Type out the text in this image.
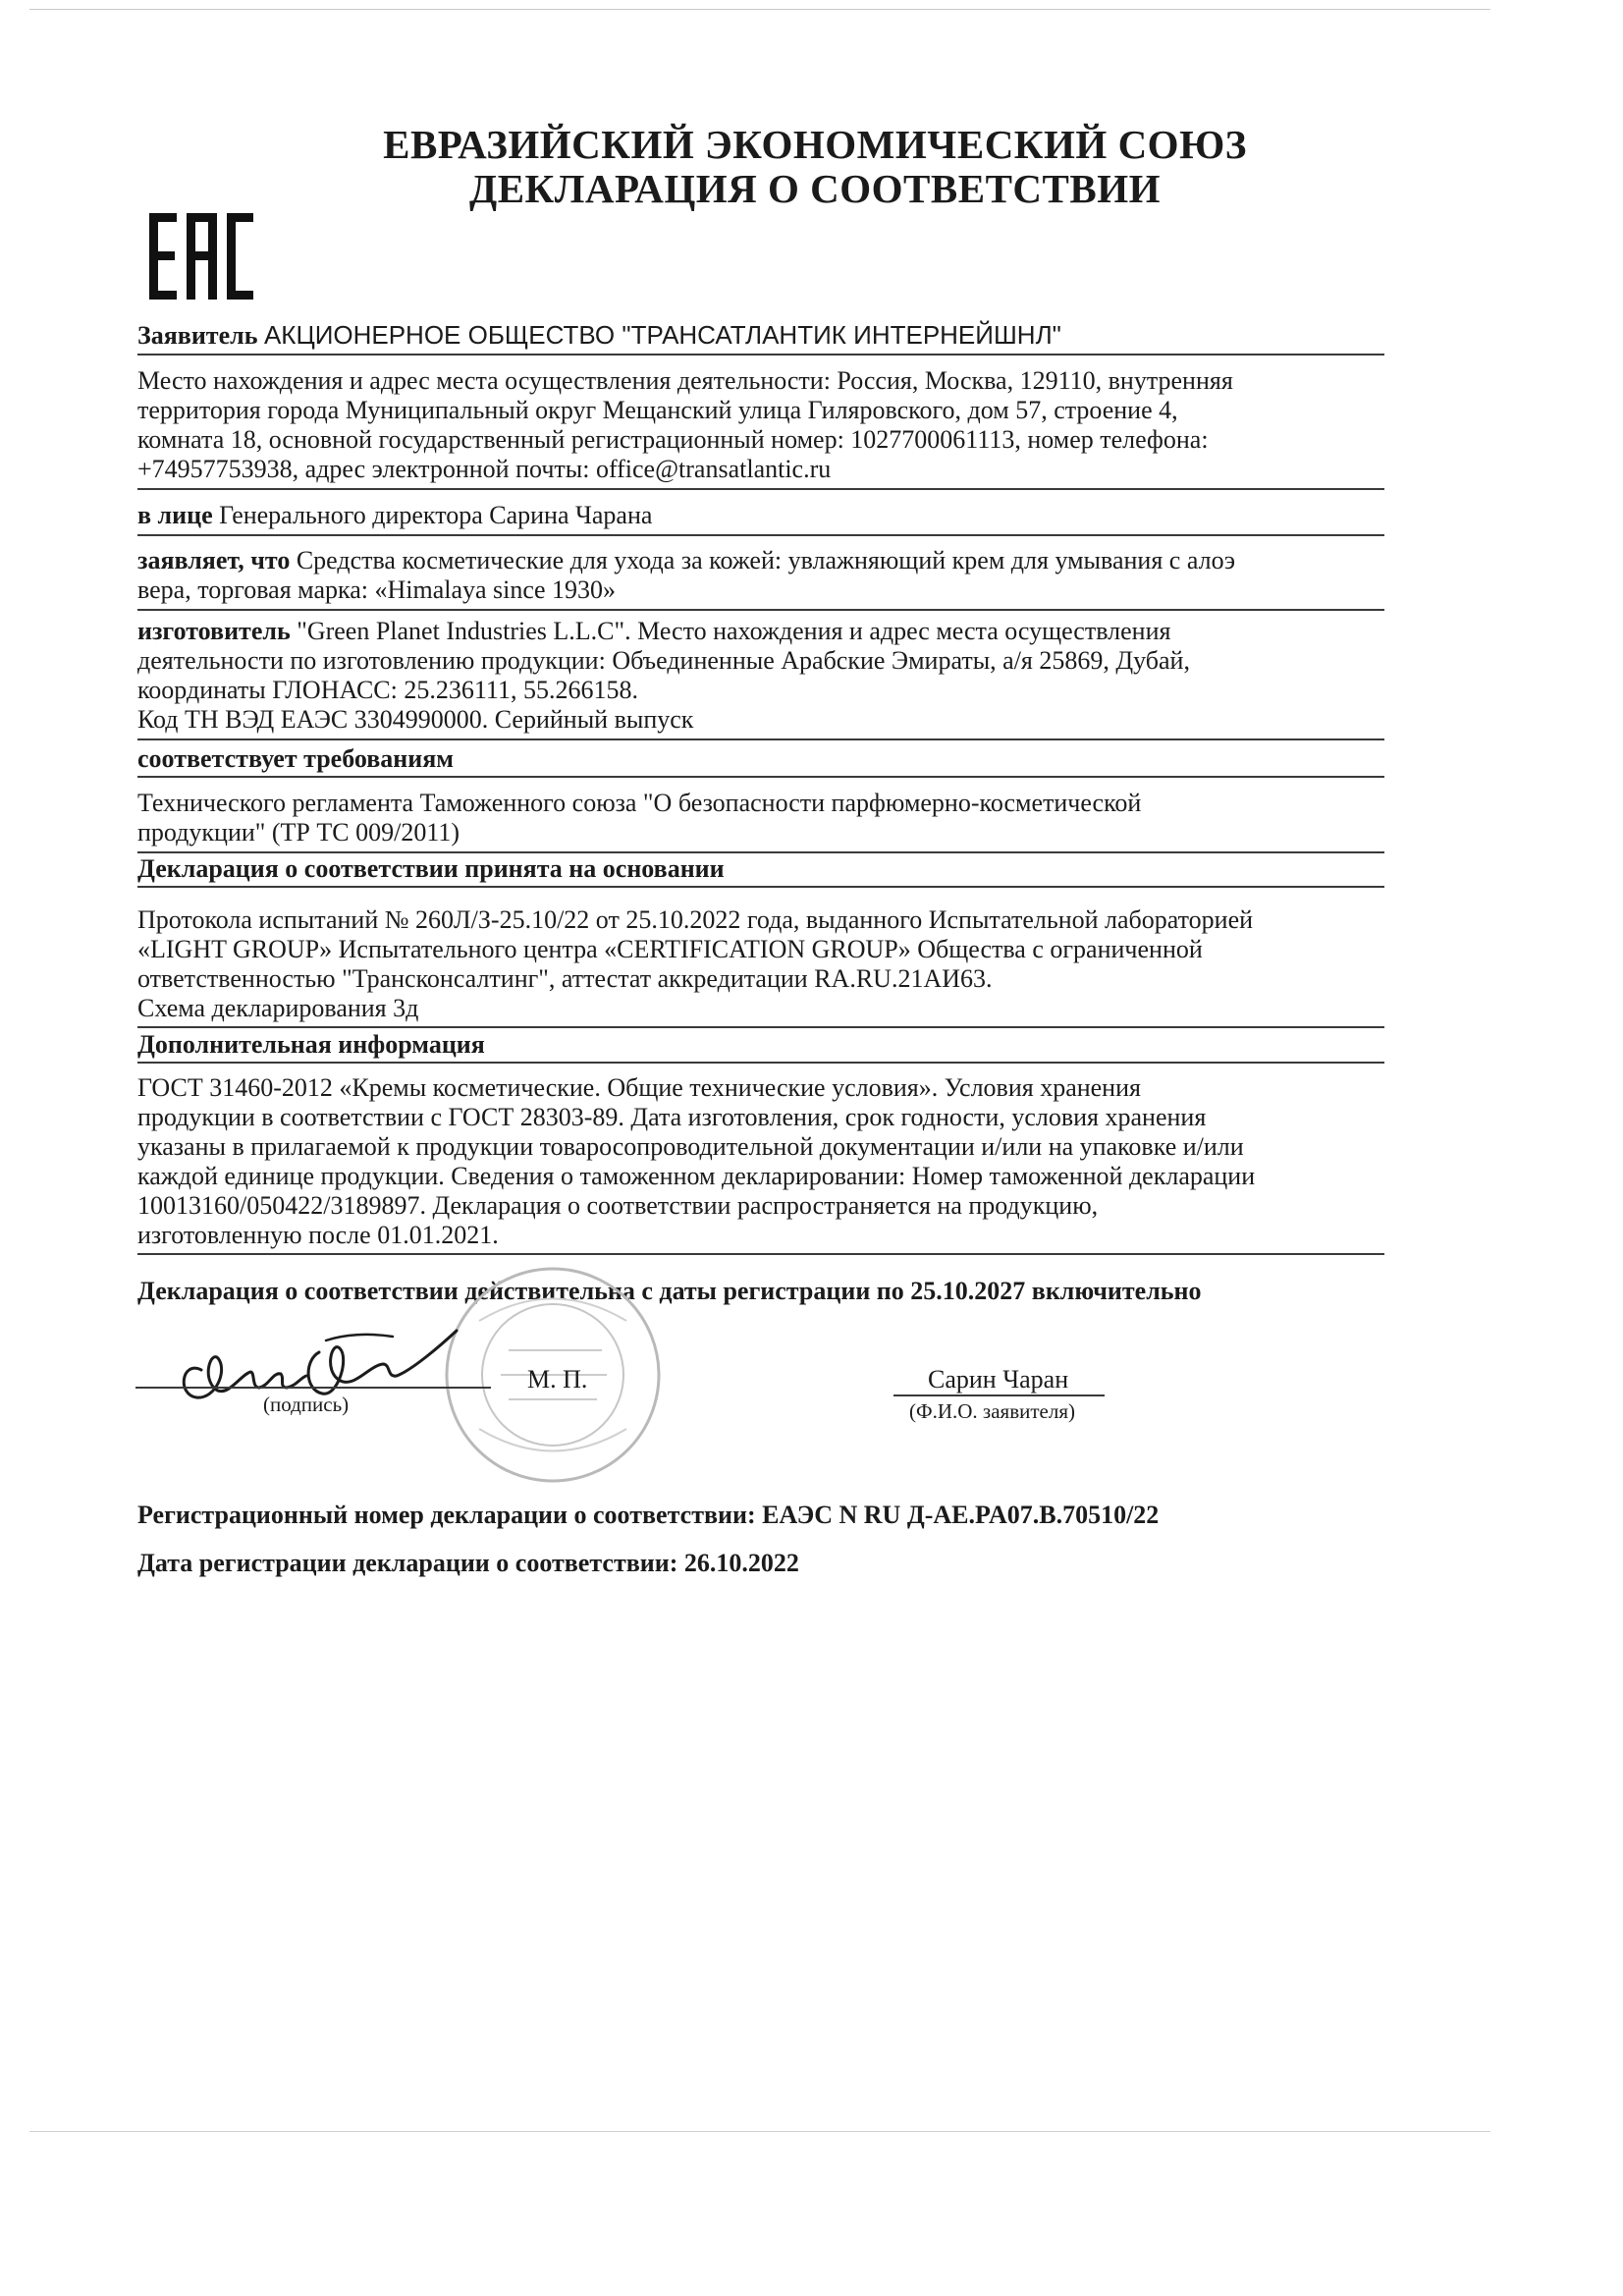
ЕВРАЗИЙСКИЙ ЭКОНОМИЧЕСКИЙ СОЮЗ
ДЕКЛАРАЦИЯ О СООТВЕТСТВИИ
Заявитель АКЦИОНЕРНОЕ ОБЩЕСТВО "ТРАНСАТЛАНТИК ИНТЕРНЕЙШНЛ"
Место нахождения и адрес места осуществления деятельности: Россия, Москва, 129110, внутренняя
территория города Муниципальный округ Мещанский улица Гиляровского, дом 57, строение 4,
комната 18, основной государственный регистрационный номер: 1027700061113, номер телефона:
+74957753938, адрес электронной почты: office@transatlantic.ru
в лице Генерального директора Сарина Чарана
заявляет, что Средства косметические для ухода за кожей: увлажняющий крем для умывания с алоэ
вера, торговая марка: «Himalaya since 1930»
изготовитель "Green Planet Industries L.L.C". Место нахождения и адрес места осуществления
деятельности по изготовлению продукции: Объединенные Арабские Эмираты, а/я 25869, Дубай,
координаты ГЛОНАСС: 25.236111, 55.266158.
Код ТН ВЭД ЕАЭС 3304990000. Серийный выпуск
соответствует требованиям
Технического регламента Таможенного союза "О безопасности парфюмерно-косметической
продукции" (ТР ТС 009/2011)
Декларация о соответствии принята на основании
Протокола испытаний № 260Л/З-25.10/22 от 25.10.2022 года, выданного Испытательной лабораторией
«LIGHT GROUP» Испытательного центра «CERTIFICATION GROUP» Общества с ограниченной
ответственностью "Трансконсалтинг", аттестат аккредитации RA.RU.21АИ63.
Схема декларирования 3д
Дополнительная информация
ГОСТ 31460-2012 «Кремы косметические. Общие технические условия». Условия хранения
продукции в соответствии с ГОСТ 28303-89. Дата изготовления, срок годности, условия хранения
указаны в прилагаемой к продукции товаросопроводительной документации и/или на упаковке и/или
каждой единице продукции. Сведения о таможенном декларировании: Номер таможенной декларации
10013160/050422/3189897. Декларация о соответствии распространяется на продукцию,
изготовленную после 01.01.2021.
Декларация о соответствии действительна с даты регистрации по 25.10.2027 включительно
(подпись)
М. П.	Сарин Чаран
(Ф.И.О. заявителя)
Регистрационный номер декларации о соответствии: ЕАЭС N RU Д-AE.PA07.B.70510/22
Дата регистрации декларации о соответствии: 26.10.2022
